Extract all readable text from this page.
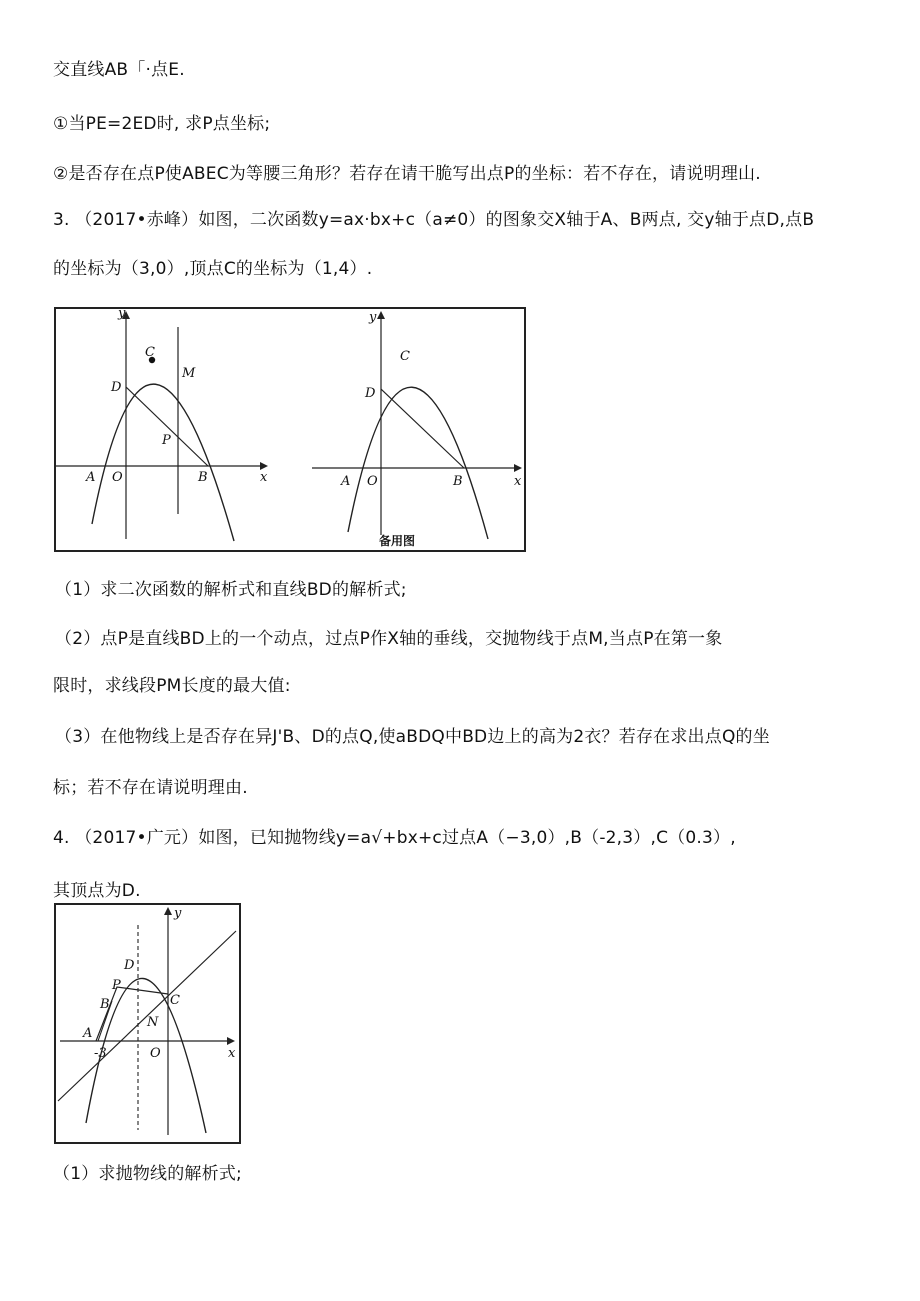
交直线AB「·点E.
①当PE=2ED时, 求P点坐标;
②是否存在点P使ABEC为等腰三角形？若存在请干脆写出点P的坐标：若不存在，请说明理山.
3. （2017•赤峰）如图，二次函数y=ax·bx+c（a≠0）的图象交X轴于A、B两点, 交y轴于点D,点B
的坐标为（3,0）,顶点C的坐标为（1,4）.
y
x
A O	B
C
D
M
P
y
x
A O	B
C
D
备用图
（1）求二次函数的解析式和直线BD的解析式;
（2）点P是直线BD上的一个动点，过点P作X轴的垂线，交抛物线于点M,当点P在第一象
限时，求线段PM长度的最大值:
（3）在他物线上是否存在异J'B、D的点Q,使aBDQ中BD边上的高为2衣？若存在求出点Q的坐
标；若不存在请说明理由.
4. （2017•广元）如图，已知抛物线y=a√+bx+c过点A（−3,0）,B（-2,3）,C（0.3）,
其顶点为D.
y
x
A
B	C
D
P
N
O
-3
（1）求抛物线的解析式;
